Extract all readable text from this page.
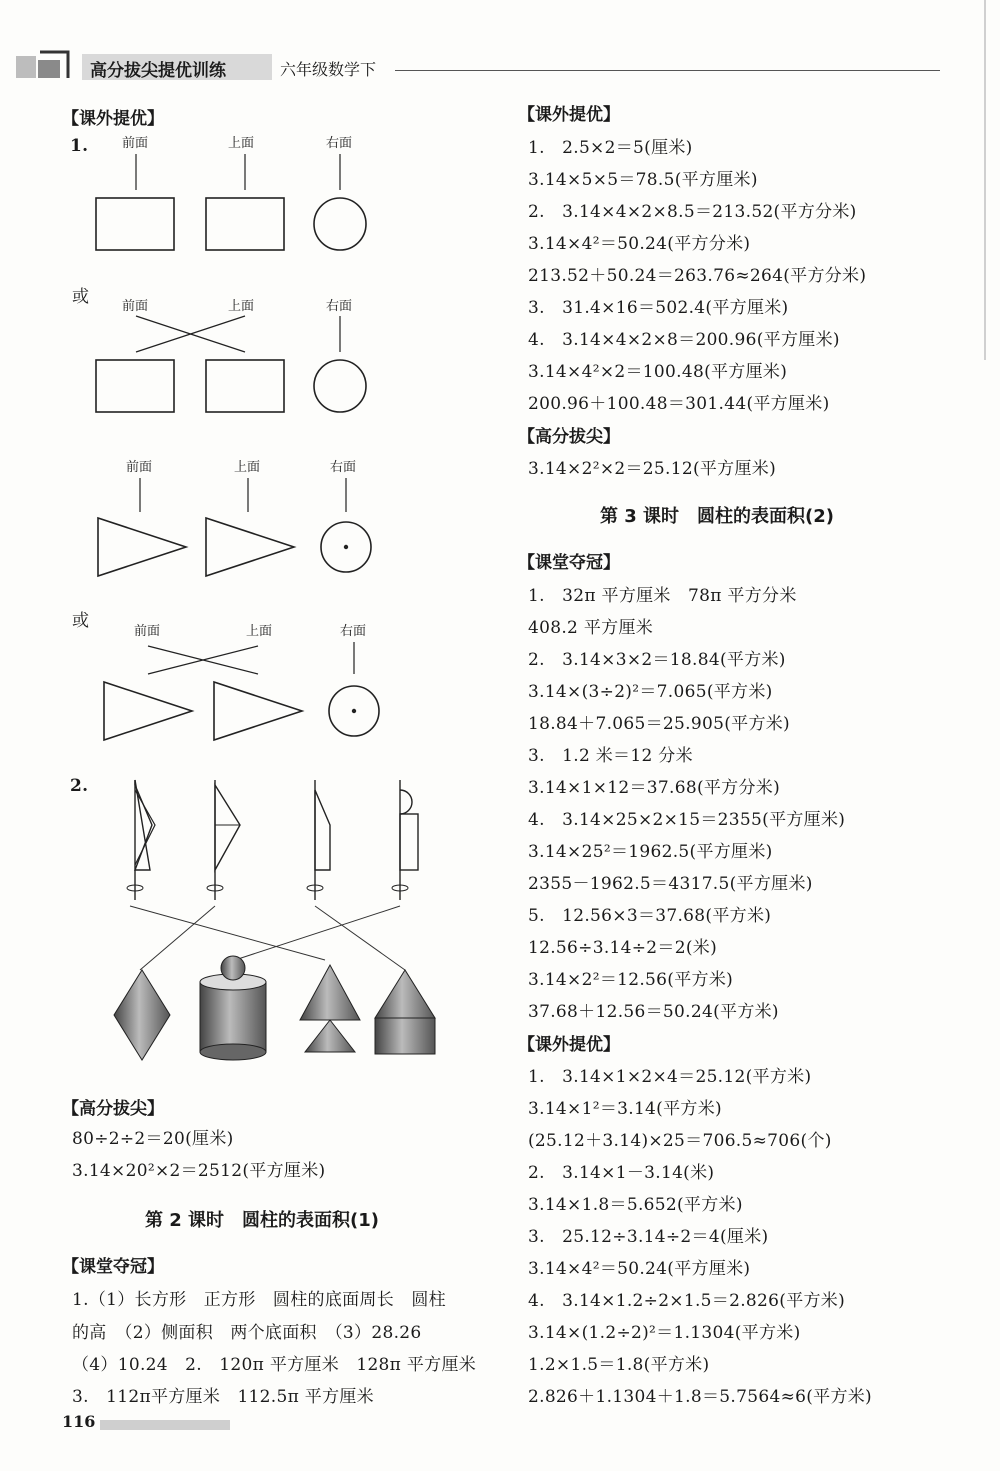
高分拔尖提优训练	六年级数学下
【课外提优】
1.	前面	上面	右面
或	前面	上面	右面
前面	上面	右面
或
前面	上面	右面
2.
【高分拔尖】
80÷2÷2＝20(厘米)
3.14×20²×2＝2512(平方厘米)
第 2 课时　圆柱的表面积(1)
【课堂夺冠】
1.（1）长方形　正方形　圆柱的底面周长　圆柱
的高　（2）侧面积　两个底面积　（3）28.26
（4）10.24　2.　120π 平方厘米　128π 平方厘米
3.　112π平方厘米　112.5π 平方厘米
【课外提优】
1.　2.5×2＝5(厘米)
3.14×5×5＝78.5(平方厘米)
2.　3.14×4×2×8.5＝213.52(平方分米)
3.14×4²＝50.24(平方分米)
213.52＋50.24＝263.76≈264(平方分米)
3.　31.4×16＝502.4(平方厘米)
4.　3.14×4×2×8＝200.96(平方厘米)
3.14×4²×2＝100.48(平方厘米)
200.96＋100.48＝301.44(平方厘米)
【高分拔尖】
3.14×2²×2＝25.12(平方厘米)
第 3 课时　圆柱的表面积(2)
【课堂夺冠】
1.　32π 平方厘米　78π 平方分米
408.2 平方厘米
2.　3.14×3×2＝18.84(平方米)
3.14×(3÷2)²＝7.065(平方米)
18.84＋7.065＝25.905(平方米)
3.　1.2 米＝12 分米
3.14×1×12＝37.68(平方分米)
4.　3.14×25×2×15＝2355(平方厘米)
3.14×25²＝1962.5(平方厘米)
2355－1962.5＝4317.5(平方厘米)
5.　12.56×3＝37.68(平方米)
12.56÷3.14÷2＝2(米)
3.14×2²＝12.56(平方米)
37.68＋12.56＝50.24(平方米)
【课外提优】
1.　3.14×1×2×4＝25.12(平方米)
3.14×1²＝3.14(平方米)
(25.12＋3.14)×25＝706.5≈706(个)
2.　3.14×1－3.14(米)
3.14×1.8＝5.652(平方米)
3.　25.12÷3.14÷2＝4(厘米)
3.14×4²＝50.24(平方厘米)
4.　3.14×1.2÷2×1.5＝2.826(平方米)
3.14×(1.2÷2)²＝1.1304(平方米)
1.2×1.5＝1.8(平方米)
2.826＋1.1304＋1.8＝5.7564≈6(平方米)
116
